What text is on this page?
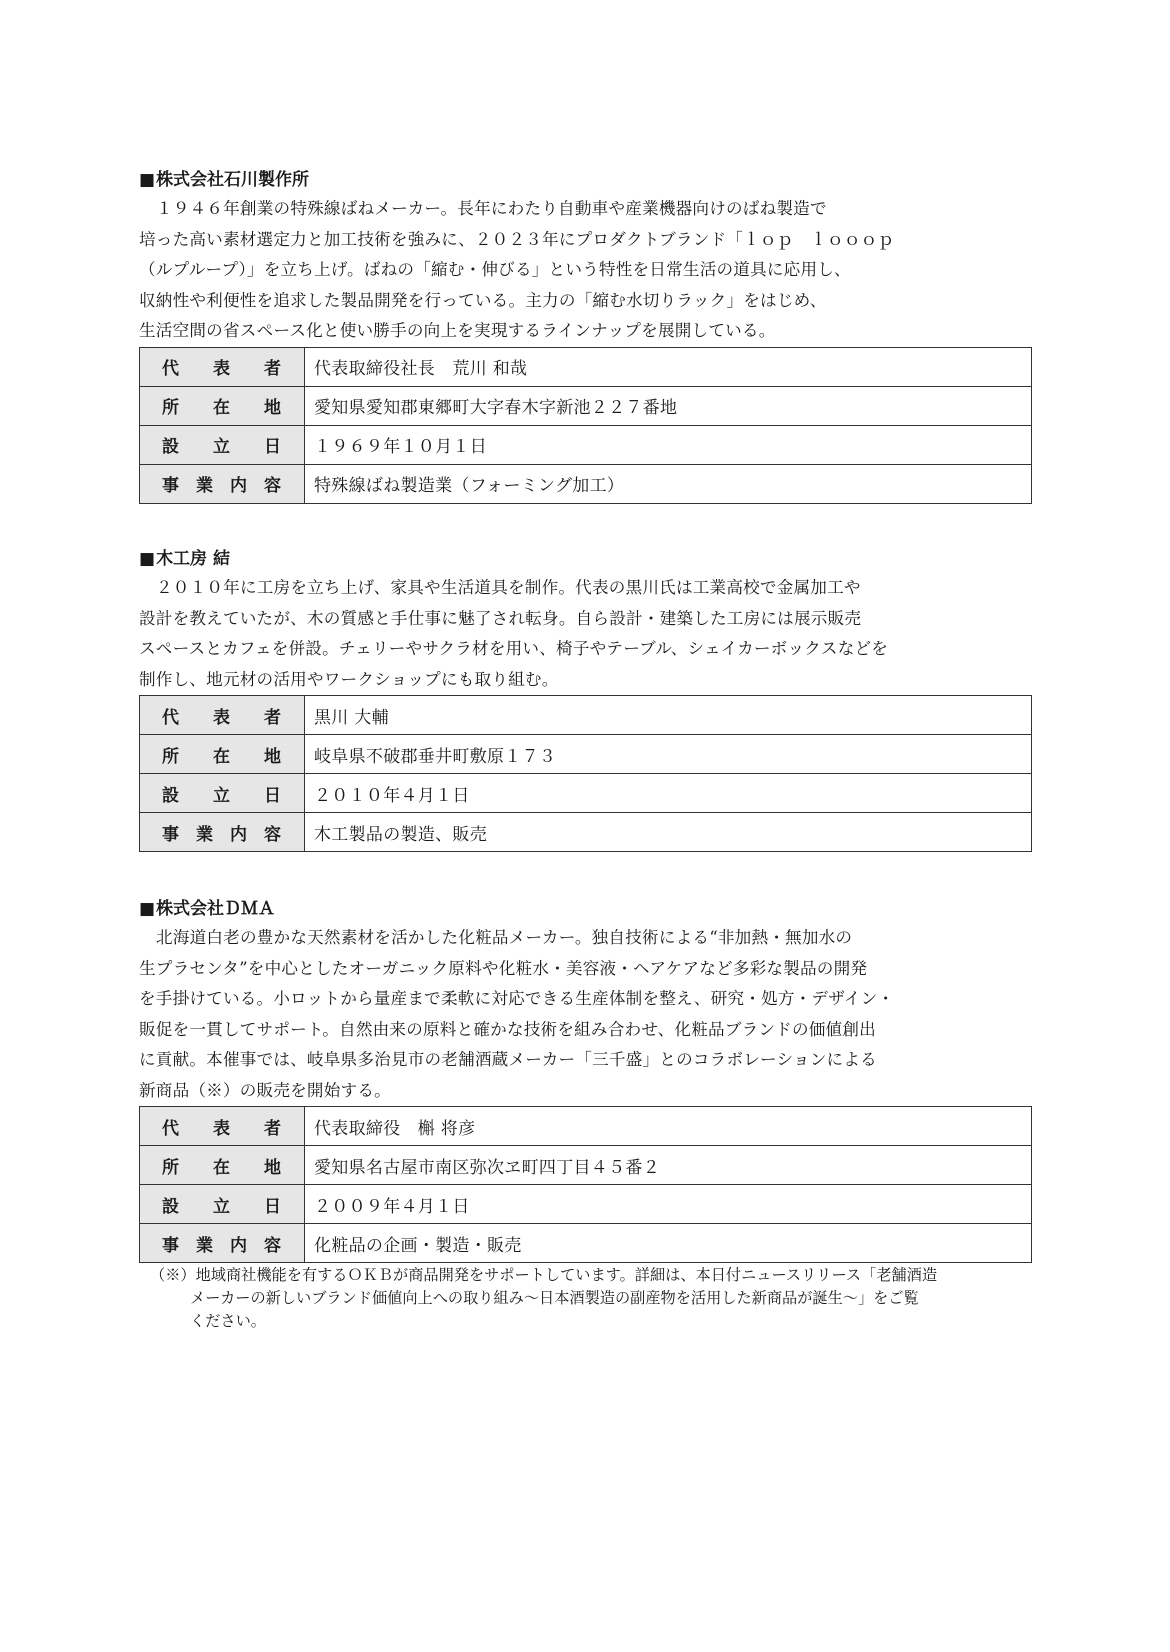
■株式会社石川製作所
１９４６年創業の特殊線ばねメーカー。長年にわたり自動車や産業機器向けのばね製造で
培った高い素材選定力と加工技術を強みに、２０２３年にプロダクトブランド「ｌｏｐ　ｌｏｏｏｐ
（ルプループ）」を立ち上げ。ばねの「縮む・伸びる」という特性を日常生活の道具に応用し、
収納性や利便性を追求した製品開発を行っている。主力の「縮む水切りラック」をはじめ、
生活空間の省スペース化と使い勝手の向上を実現するラインナップを展開している。
代 表 者	代表取締役社長　荒川 和哉

所 在 地	愛知県愛知郡東郷町大字春木字新池２２７番地

設 立 日	１９６９年１０月１日

事 業 内 容	特殊線ばね製造業（フォーミング加工）
■木工房 結
２０１０年に工房を立ち上げ、家具や生活道具を制作。代表の黒川氏は工業高校で金属加工や
設計を教えていたが、木の質感と手仕事に魅了され転身。自ら設計・建築した工房には展示販売
スペースとカフェを併設。チェリーやサクラ材を用い、椅子やテーブル、シェイカーボックスなどを
制作し、地元材の活用やワークショップにも取り組む。
代 表 者	黒川 大輔

所 在 地	岐阜県不破郡垂井町敷原１７３

設 立 日	２０１０年４月１日

事 業 内 容	木工製品の製造、販売
■株式会社ＤＭＡ
北海道白老の豊かな天然素材を活かした化粧品メーカー。独自技術による“非加熱・無加水の
生プラセンタ”を中心としたオーガニック原料や化粧水・美容液・ヘアケアなど多彩な製品の開発
を手掛けている。小ロットから量産まで柔軟に対応できる生産体制を整え、研究・処方・デザイン・
販促を一貫してサポート。自然由来の原料と確かな技術を組み合わせ、化粧品ブランドの価値創出
に貢献。本催事では、岐阜県多治見市の老舗酒蔵メーカー「三千盛」とのコラボレーションによる
新商品（※）の販売を開始する。
代 表 者	代表取締役　槲 将彦

所 在 地	愛知県名古屋市南区弥次ヱ町四丁目４５番２

設 立 日	２００９年４月１日

事 業 内 容	化粧品の企画・製造・販売
（※）地域商社機能を有するＯＫＢが商品開発をサポートしています。詳細は、本日付ニュースリリース「老舗酒造
メーカーの新しいブランド価値向上への取り組み～日本酒製造の副産物を活用した新商品が誕生～」をご覧
ください。
